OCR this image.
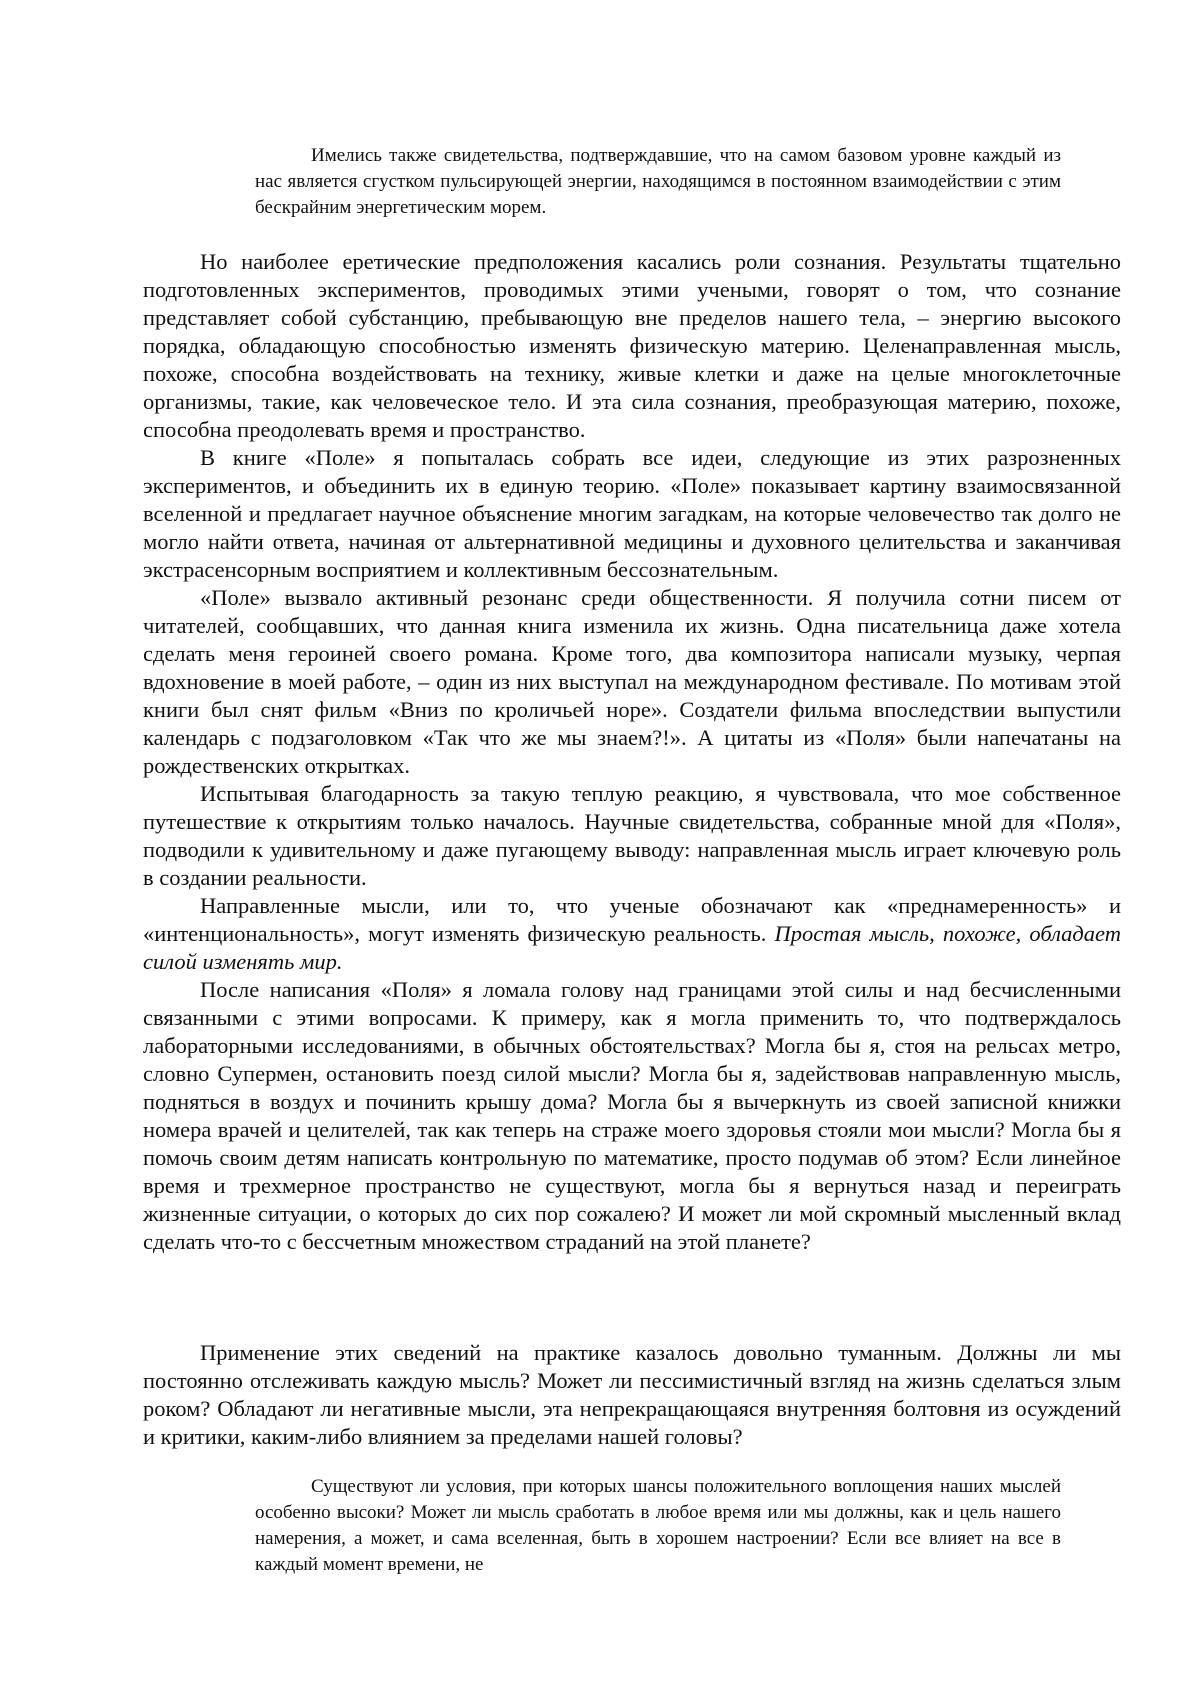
Имелись также свидетельства, подтверждавшие, что на самом базовом уровне каждый из нас является сгустком пульсирующей энергии, находящимся в постоянном взаимодействии с этим бескрайним энергетическим морем.

Но наиболее еретические предположения касались роли сознания. Результаты тщательно подготовленных экспериментов, проводимых этими учеными, говорят о том, что сознание представляет собой субстанцию, пребывающую вне пределов нашего тела, – энергию высокого порядка, обладающую способностью изменять физическую материю. Целенаправленная мысль, похоже, способна воздействовать на технику, живые клетки и даже на целые многоклеточные организмы, такие, как человеческое тело. И эта сила сознания, преобразующая материю, похоже, способна преодолевать время и пространство.

В книге «Поле» я попыталась собрать все идеи, следующие из этих разрозненных экспериментов, и объединить их в единую теорию. «Поле» показывает картину взаимосвязанной вселенной и предлагает научное объяснение многим загадкам, на которые человечество так долго не могло найти ответа, начиная от альтернативной медицины и духовного целительства и заканчивая экстрасенсорным восприятием и коллективным бессознательным.

«Поле» вызвало активный резонанс среди общественности. Я получила сотни писем от читателей, сообщавших, что данная книга изменила их жизнь. Одна писательница даже хотела сделать меня героиней своего романа. Кроме того, два композитора написали музыку, черпая вдохновение в моей работе, – один из них выступал на международном фестивале. По мотивам этой книги был снят фильм «Вниз по кроличьей норе». Создатели фильма впоследствии выпустили календарь с подзаголовком «Так что же мы знаем?!». А цитаты из «Поля» были напечатаны на рождественских открытках.

Испытывая благодарность за такую теплую реакцию, я чувствовала, что мое собственное путешествие к открытиям только началось. Научные свидетельства, собранные мной для «Поля», подводили к удивительному и даже пугающему выводу: направленная мысль играет ключевую роль в создании реальности.

Направленные мысли, или то, что ученые обозначают как «преднамеренность» и «интенциональность», могут изменять физическую реальность. Простая мысль, похоже, обладает силой изменять мир.

После написания «Поля» я ломала голову над границами этой силы и над бесчисленными связанными с этими вопросами. К примеру, как я могла применить то, что подтверждалось лабораторными исследованиями, в обычных обстоятельствах? Могла бы я, стоя на рельсах метро, словно Супермен, остановить поезд силой мысли? Могла бы я, задействовав направленную мысль, подняться в воздух и починить крышу дома? Могла бы я вычеркнуть из своей записной книжки номера врачей и целителей, так как теперь на страже моего здоровья стояли мои мысли? Могла бы я помочь своим детям написать контрольную по математике, просто подумав об этом? Если линейное время и трехмерное пространство не существуют, могла бы я вернуться назад и переиграть жизненные ситуации, о которых до сих пор сожалею? И может ли мой скромный мысленный вклад сделать что-то с бессчетным множеством страданий на этой планете?

Применение этих сведений на практике казалось довольно туманным. Должны ли мы постоянно отслеживать каждую мысль? Может ли пессимистичный взгляд на жизнь сделаться злым роком? Обладают ли негативные мысли, эта непрекращающаяся внутренняя болтовня из осуждений и критики, каким-либо влиянием за пределами нашей головы?

Существуют ли условия, при которых шансы положительного воплощения наших мыслей особенно высоки? Может ли мысль сработать в любое время или мы должны, как и цель нашего намерения, а может, и сама вселенная, быть в хорошем настроении? Если все влияет на все в каждый момент времени, не
